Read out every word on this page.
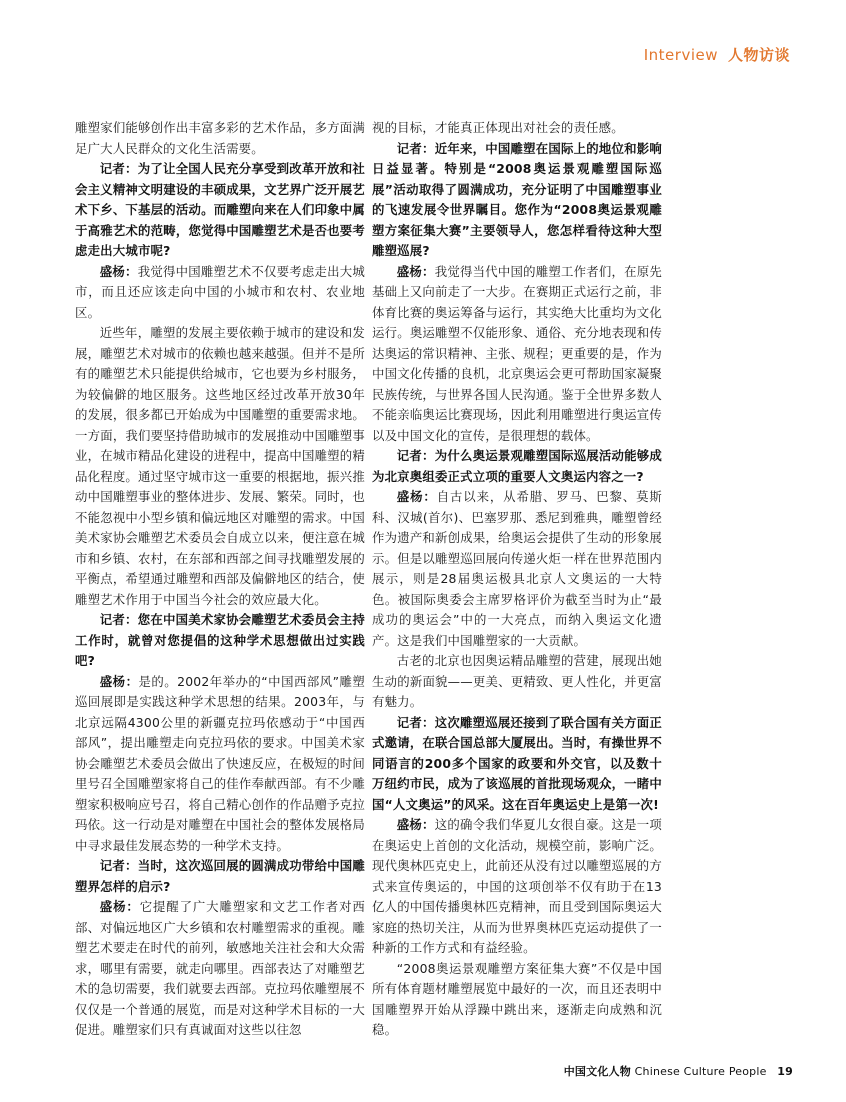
Interview 人物访谈

雕塑家们能够创作出丰富多彩的艺术作品，多方面满足广大人民群众的文化生活需要。

记者：为了让全国人民充分享受到改革开放和社会主义精神文明建设的丰硕成果，文艺界广泛开展艺术下乡、下基层的活动。而雕塑向来在人们印象中属于高雅艺术的范畴，您觉得中国雕塑艺术是否也要考虑走出大城市呢?

盛杨：我觉得中国雕塑艺术不仅要考虑走出大城市，而且还应该走向中国的小城市和农村、农业地区。

近些年，雕塑的发展主要依赖于城市的建设和发展，雕塑艺术对城市的依赖也越来越强。但并不是所有的雕塑艺术只能提供给城市，它也要为乡村服务，为较偏僻的地区服务。这些地区经过改革开放30年的发展，很多都已开始成为中国雕塑的重要需求地。一方面，我们要坚持借助城市的发展推动中国雕塑事业，在城市精品化建设的进程中，提高中国雕塑的精品化程度。通过坚守城市这一重要的根据地，振兴推动中国雕塑事业的整体进步、发展、繁荣。同时，也不能忽视中小型乡镇和偏远地区对雕塑的需求。中国美术家协会雕塑艺术委员会自成立以来，便注意在城市和乡镇、农村，在东部和西部之间寻找雕塑发展的平衡点，希望通过雕塑和西部及偏僻地区的结合，使雕塑艺术作用于中国当今社会的效应最大化。

记者：您在中国美术家协会雕塑艺术委员会主持工作时，就曾对您提倡的这种学术思想做出过实践吧?

盛杨：是的。2002年举办的“中国西部风”雕塑巡回展即是实践这种学术思想的结果。2003年，与北京远隔4300公里的新疆克拉玛依感动于“中国西部风”，提出雕塑走向克拉玛依的要求。中国美术家协会雕塑艺术委员会做出了快速反应，在极短的时间里号召全国雕塑家将自己的佳作奉献西部。有不少雕塑家积极响应号召，将自己精心创作的作品赠予克拉玛依。这一行动是对雕塑在中国社会的整体发展格局中寻求最佳发展态势的一种学术支持。

记者：当时，这次巡回展的圆满成功带给中国雕塑界怎样的启示?

盛杨：它提醒了广大雕塑家和文艺工作者对西部、对偏远地区广大乡镇和农村雕塑需求的重视。雕塑艺术要走在时代的前列，敏感地关注社会和大众需求，哪里有需要，就走向哪里。西部表达了对雕塑艺术的急切需要，我们就要去西部。克拉玛依雕塑展不仅仅是一个普通的展览，而是对这种学术目标的一大促进。雕塑家们只有真诚面对这些以往忽

视的目标，才能真正体现出对社会的责任感。

记者：近年来，中国雕塑在国际上的地位和影响日益显著。特别是“2008奥运景观雕塑国际巡展”活动取得了圆满成功，充分证明了中国雕塑事业的飞速发展令世界瞩目。您作为“2008奥运景观雕塑方案征集大赛”主要领导人，您怎样看待这种大型雕塑巡展?

盛杨：我觉得当代中国的雕塑工作者们，在原先基础上又向前走了一大步。在赛期正式运行之前，非体育比赛的奥运筹备与运行，其实绝大比重均为文化运行。奥运雕塑不仅能形象、通俗、充分地表现和传达奥运的常识精神、主张、规程；更重要的是，作为中国文化传播的良机，北京奥运会更可帮助国家凝聚民族传统，与世界各国人民沟通。鉴于全世界多数人不能亲临奥运比赛现场，因此利用雕塑进行奥运宣传以及中国文化的宣传，是很理想的载体。

记者：为什么奥运景观雕塑国际巡展活动能够成为北京奥组委正式立项的重要人文奥运内容之一?

盛杨：自古以来，从希腊、罗马、巴黎、莫斯科、汉城(首尔)、巴塞罗那、悉尼到雅典，雕塑曾经作为遗产和新创成果，给奥运会提供了生动的形象展示。但是以雕塑巡回展向传递火炬一样在世界范围内展示，则是28届奥运极具北京人文奥运的一大特色。被国际奥委会主席罗格评价为截至当时为止“最成功的奥运会”中的一大亮点，而纳入奥运文化遗产。这是我们中国雕塑家的一大贡献。

古老的北京也因奥运精品雕塑的营建，展现出她生动的新面貌——更美、更精致、更人性化，并更富有魅力。

记者：这次雕塑巡展还接到了联合国有关方面正式邀请，在联合国总部大厦展出。当时，有操世界不同语言的200多个国家的政要和外交官，以及数十万纽约市民，成为了该巡展的首批现场观众，一睹中国“人文奥运”的风采。这在百年奥运史上是第一次!

盛杨：这的确令我们华夏儿女很自豪。这是一项在奥运史上首创的文化活动，规模空前，影响广泛。现代奥林匹克史上，此前还从没有过以雕塑巡展的方式来宣传奥运的，中国的这项创举不仅有助于在13亿人的中国传播奥林匹克精神，而且受到国际奥运大家庭的热切关注，从而为世界奥林匹克运动提供了一种新的工作方式和有益经验。

“2008奥运景观雕塑方案征集大赛”不仅是中国所有体育题材雕塑展览中最好的一次，而且还表明中国雕塑界开始从浮躁中跳出来，逐渐走向成熟和沉稳。

中国文化人物 Chinese Culture People 19
